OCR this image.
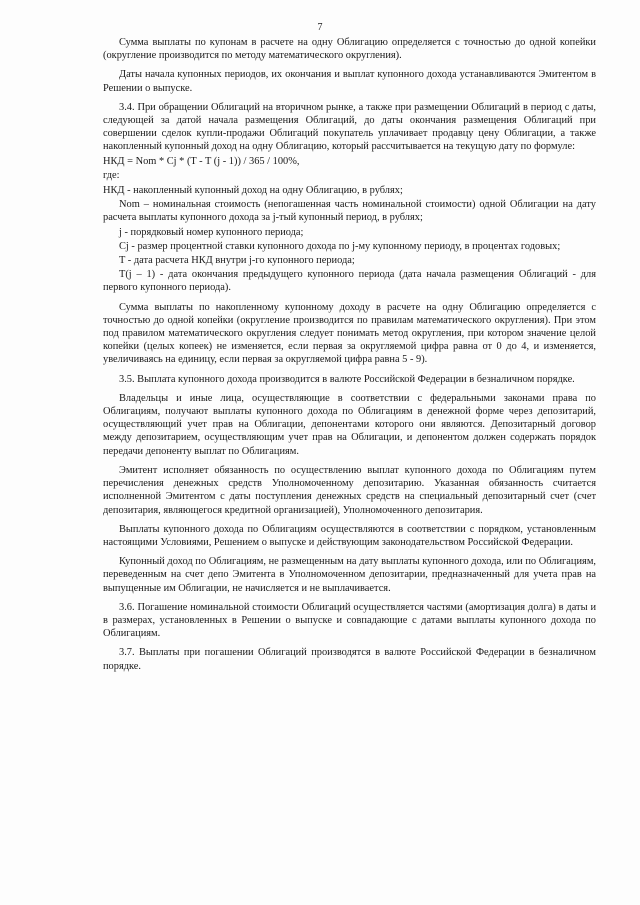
7

Сумма выплаты по купонам в расчете на одну Облигацию определяется с точностью до одной копейки (округление производится по методу математического округления).

Даты начала купонных периодов, их окончания и выплат купонного дохода устанавливаются Эмитентом в Решении о выпуске.

3.4. При обращении Облигаций на вторичном рынке, а также при размещении Облигаций в период с даты, следующей за датой начала размещения Облигаций, до даты окончания размещения Облигаций при совершении сделок купли-продажи Облигаций покупатель уплачивает продавцу цену Облигации, а также накопленный купонный доход на одну Облигацию, который рассчитывается на текущую дату по формуле:

НКД = Nom * Cj * (T - T (j - 1)) / 365 / 100%,

где:

НКД - накопленный купонный доход на одну Облигацию, в рублях;

Nom – номинальная стоимость (непогашенная часть номинальной стоимости) одной Облигации на дату расчета выплаты купонного дохода за j-тый купонный период, в рублях;

j - порядковый номер купонного периода;

Cj - размер процентной ставки купонного дохода по j-му купонному периоду, в процентах годовых;

T - дата расчета НКД внутри j-го купонного периода;

T(j – 1) - дата окончания предыдущего купонного периода (дата начала размещения Облигаций - для первого купонного периода).

Сумма выплаты по накопленному купонному доходу в расчете на одну Облигацию определяется с точностью до одной копейки (округление производится по правилам математического округления). При этом под правилом математического округления следует понимать метод округления, при котором значение целой копейки (целых копеек) не изменяется, если первая за округляемой цифра равна от 0 до 4, и изменяется, увеличиваясь на единицу, если первая за округляемой цифра равна 5 - 9).

3.5. Выплата купонного дохода производится в валюте Российской Федерации в безналичном порядке.

Владельцы и иные лица, осуществляющие в соответствии с федеральными законами права по Облигациям, получают выплаты купонного дохода по Облигациям в денежной форме через депозитарий, осуществляющий учет прав на Облигации, депонентами которого они являются. Депозитарный договор между депозитарием, осуществляющим учет прав на Облигации, и депонентом должен содержать порядок передачи депоненту выплат по Облигациям.

Эмитент исполняет обязанность по осуществлению выплат купонного дохода по Облигациям путем перечисления денежных средств Уполномоченному депозитарию. Указанная обязанность считается исполненной Эмитентом с даты поступления денежных средств на специальный депозитарный счет (счет депозитария, являющегося кредитной организацией), Уполномоченного депозитария.

Выплаты купонного дохода по Облигациям осуществляются в соответствии с порядком, установленным настоящими Условиями, Решением о выпуске и действующим законодательством Российской Федерации.

Купонный доход по Облигациям, не размещенным на дату выплаты купонного дохода, или по Облигациям, переведенным на счет депо Эмитента в Уполномоченном депозитарии, предназначенный для учета прав на выпущенные им Облигации, не начисляется и не выплачивается.

3.6. Погашение номинальной стоимости Облигаций осуществляется частями (амортизация долга) в даты и в размерах, установленных в Решении о выпуске и совпадающие с датами выплаты купонного дохода по Облигациям.

3.7. Выплаты при погашении Облигаций производятся в валюте Российской Федерации в безналичном порядке.
